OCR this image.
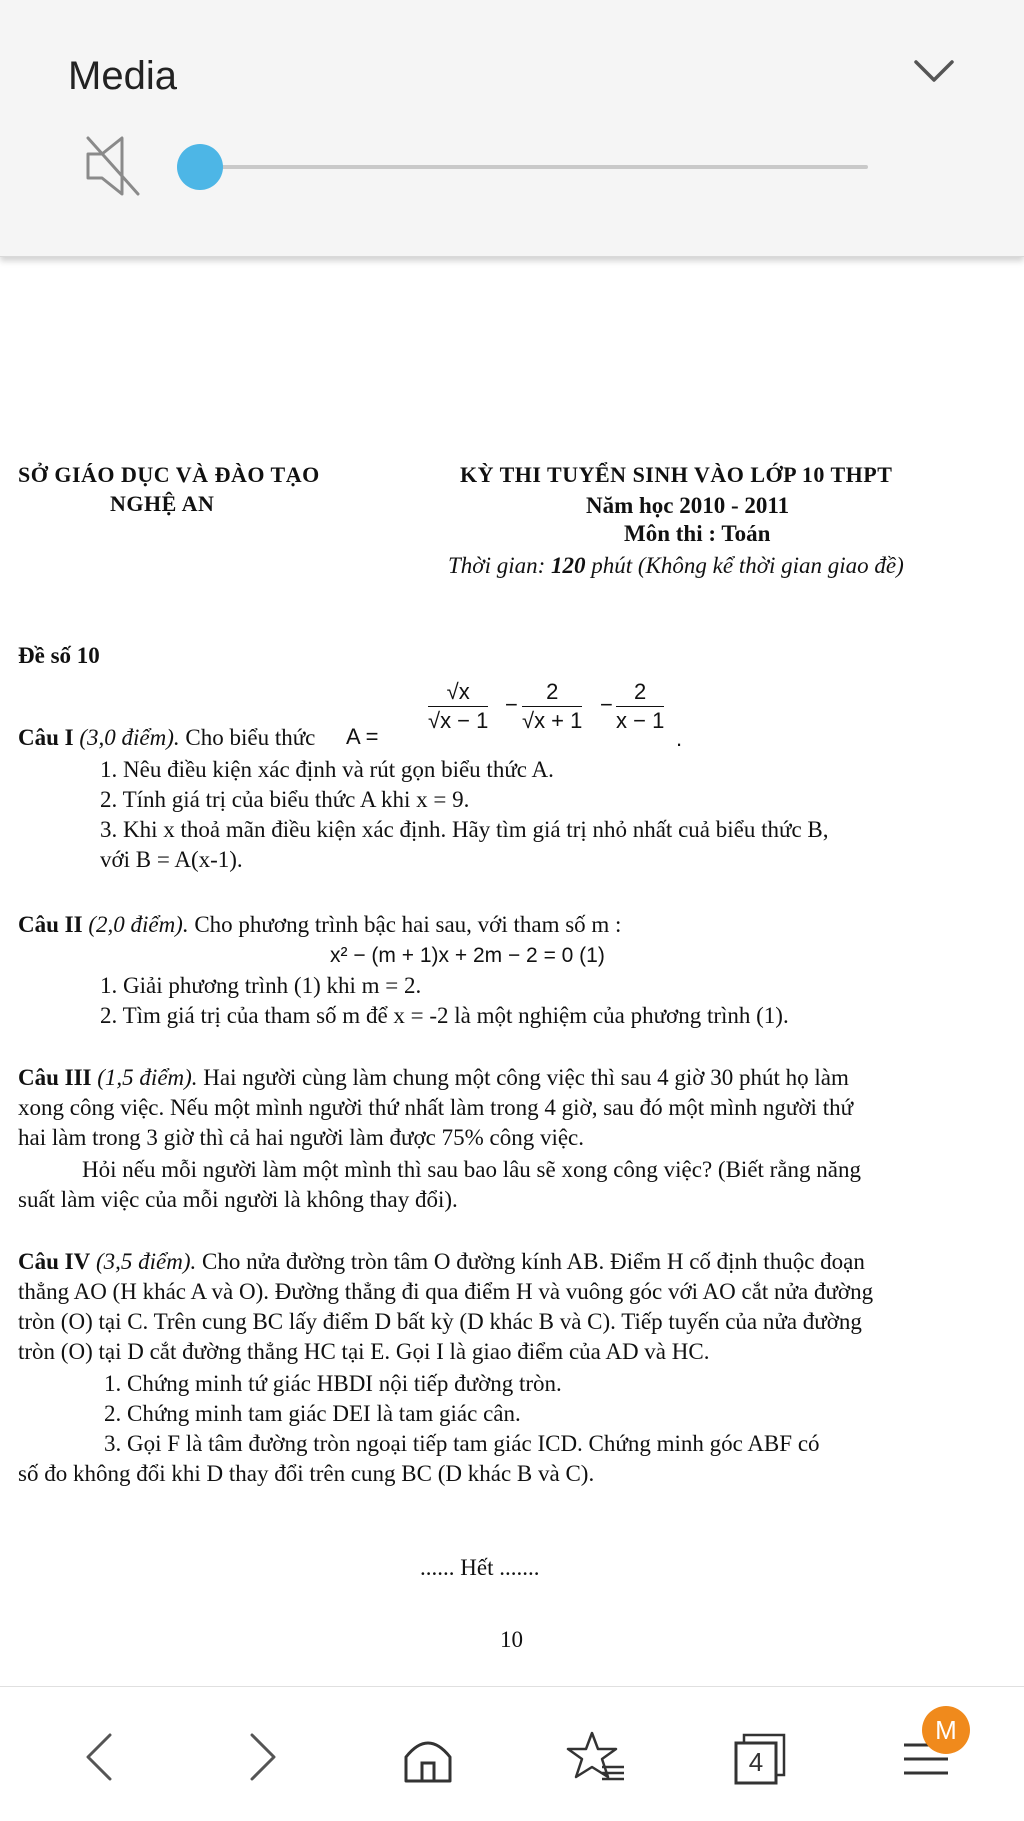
Media
SỞ GIÁO DỤC VÀ ĐÀO TẠO
NGHỆ AN
KỲ THI TUYỂN SINH VÀO LỚP 10 THPT
Năm học 2010 - 2011
Môn thi : Toán
Thời gian: 120 phút (Không kể thời gian giao đề)
Đề số 10
Câu I (3,0 điểm). Cho biểu thức A =
$\frac{√x}{√x - 1} - \frac{2}{√x + 1} - \frac{2}{x - 1}$
.
1. Nêu điều kiện xác định và rút gọn biểu thức A.
2. Tính giá trị của biểu thức A khi x = 9.
3. Khi x thoả mãn điều kiện xác định. Hãy tìm giá trị nhỏ nhất cuả biểu thức B,
với B = A(x-1).
Câu II (2,0 điểm). Cho phương trình bậc hai sau, với tham số m :
x² − (m + 1)x + 2m − 2 = 0 (1)
1. Giải phương trình (1) khi m = 2.
2. Tìm giá trị của tham số m để x = -2 là một nghiệm của phương trình (1).
Câu III (1,5 điểm). Hai người cùng làm chung một công việc thì sau 4 giờ 30 phút họ làm
xong công việc. Nếu một mình người thứ nhất làm trong 4 giờ, sau đó một mình người thứ
hai làm trong 3 giờ thì cả hai người làm được 75% công việc.
Hỏi nếu mỗi người làm một mình thì sau bao lâu sẽ xong công việc? (Biết rằng năng
suất làm việc của mỗi người là không thay đổi).
Câu IV (3,5 điểm). Cho nửa đường tròn tâm O đường kính AB. Điểm H cố định thuộc đoạn
thẳng AO (H khác A và O). Đường thẳng đi qua điểm H và vuông góc với AO cắt nửa đường
tròn (O) tại C. Trên cung BC lấy điểm D bất kỳ (D khác B và C). Tiếp tuyến của nửa đường
tròn (O) tại D cắt đường thẳng HC tại E. Gọi I là giao điểm của AD và HC.
1. Chứng minh tứ giác HBDI nội tiếp đường tròn.
2. Chứng minh tam giác DEI là tam giác cân.
3. Gọi F là tâm đường tròn ngoại tiếp tam giác ICD. Chứng minh góc ABF có
số đo không đổi khi D thay đổi trên cung BC (D khác B và C).
...... Hết .......
10
4
M
